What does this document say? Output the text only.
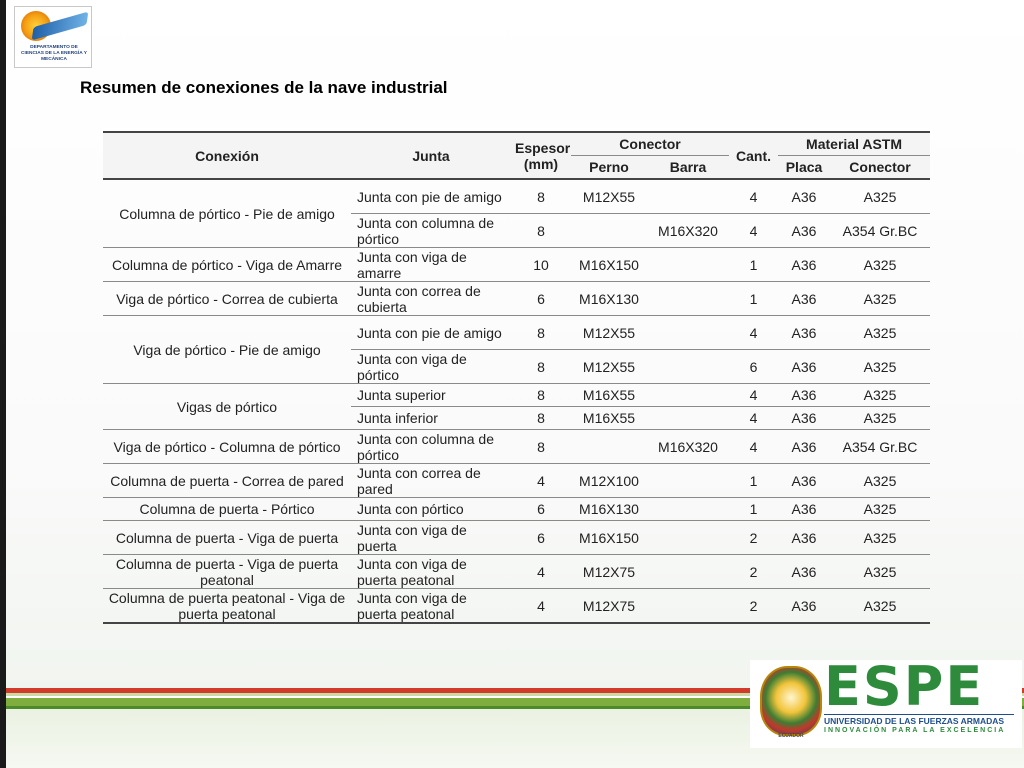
DEPARTAMENTO DE CIENCIAS DE LA ENERGÍA Y MECÁNICA
Resumen de conexiones de la nave industrial
Conexión	Junta	Espesor (mm)	Conector		Cant.	Material ASTM	
			Perno	Barra		Placa	Conector
Columna de pórtico - Pie de amigo	Junta con pie de amigo	8	M12X55		4	A36	A325
	Junta con columna de pórtico	8		M16X320	4	A36	A354 Gr.BC
Columna de pórtico - Viga de Amarre	Junta con viga de amarre	10	M16X150		1	A36	A325
Viga de pórtico - Correa de cubierta	Junta con correa de cubierta	6	M16X130		1	A36	A325
Viga de pórtico - Pie de amigo	Junta con pie de amigo	8	M12X55		4	A36	A325
	Junta con viga de pórtico	8	M12X55		6	A36	A325
Vigas de pórtico	Junta superior	8	M16X55		4	A36	A325
	Junta inferior	8	M16X55		4	A36	A325
Viga de pórtico - Columna de pórtico	Junta con columna de pórtico	8		M16X320	4	A36	A354 Gr.BC
Columna de puerta - Correa de pared	Junta con correa de pared	4	M12X100		1	A36	A325
Columna de puerta - Pórtico	Junta con pórtico	6	M16X130		1	A36	A325
Columna de puerta - Viga de puerta	Junta con viga de puerta	6	M16X150		2	A36	A325
Columna de puerta - Viga de puerta peatonal	Junta con viga de puerta peatonal	4	M12X75		2	A36	A325
Columna de puerta peatonal - Viga de puerta peatonal	Junta con viga de puerta peatonal	4	M12X75		2	A36	A325
ECUADOR
ESPE
UNIVERSIDAD DE LAS FUERZAS ARMADAS
INNOVACIÓN PARA LA EXCELENCIA
